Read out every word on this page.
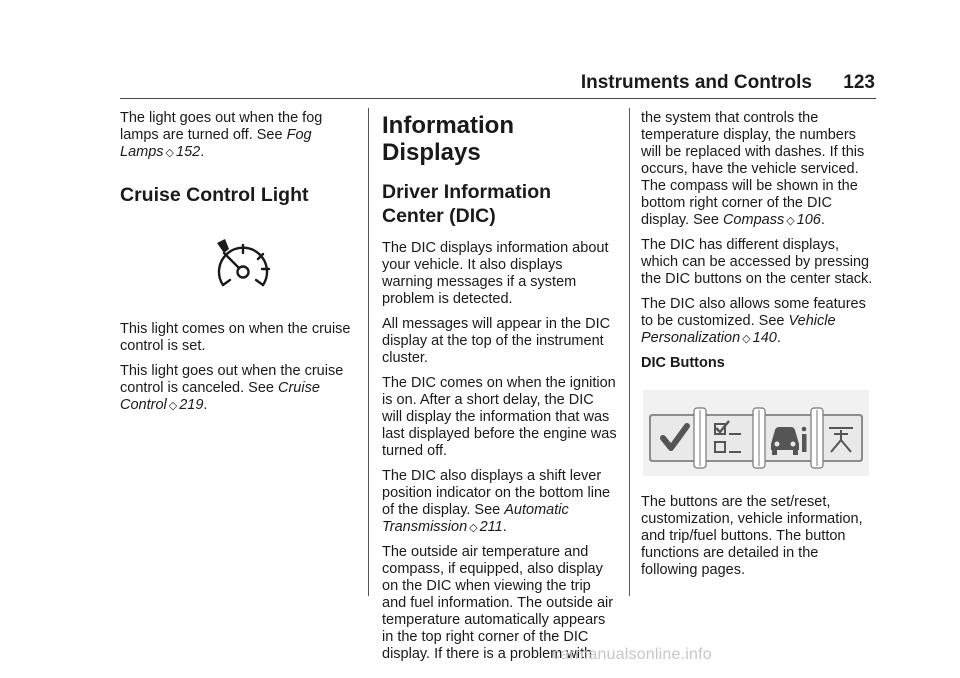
Instruments and Controls 123

The light goes out when the fog lamps are turned off. See Fog Lamps ◇ 152.

Cruise Control Light

This light comes on when the cruise control is set.

This light goes out when the cruise control is canceled. See Cruise Control ◇ 219.

Information Displays
Driver Information Center (DIC)

The DIC displays information about your vehicle. It also displays warning messages if a system problem is detected.

All messages will appear in the DIC display at the top of the instrument cluster.

The DIC comes on when the ignition is on. After a short delay, the DIC will display the information that was last displayed before the engine was turned off.

The DIC also displays a shift lever position indicator on the bottom line of the display. See Automatic Transmission ◇ 211.

The outside air temperature and compass, if equipped, also display on the DIC when viewing the trip and fuel information. The outside air temperature automatically appears in the top right corner of the DIC display. If there is a problem with

the system that controls the temperature display, the numbers will be replaced with dashes. If this occurs, have the vehicle serviced. The compass will be shown in the bottom right corner of the DIC display. See Compass ◇ 106.

The DIC has different displays, which can be accessed by pressing the DIC buttons on the center stack.

The DIC also allows some features to be customized. See Vehicle Personalization ◇ 140.

DIC Buttons

The buttons are the set/reset, customization, vehicle information, and trip/fuel buttons. The button functions are detailed in the following pages.

carmanualsonline.info
